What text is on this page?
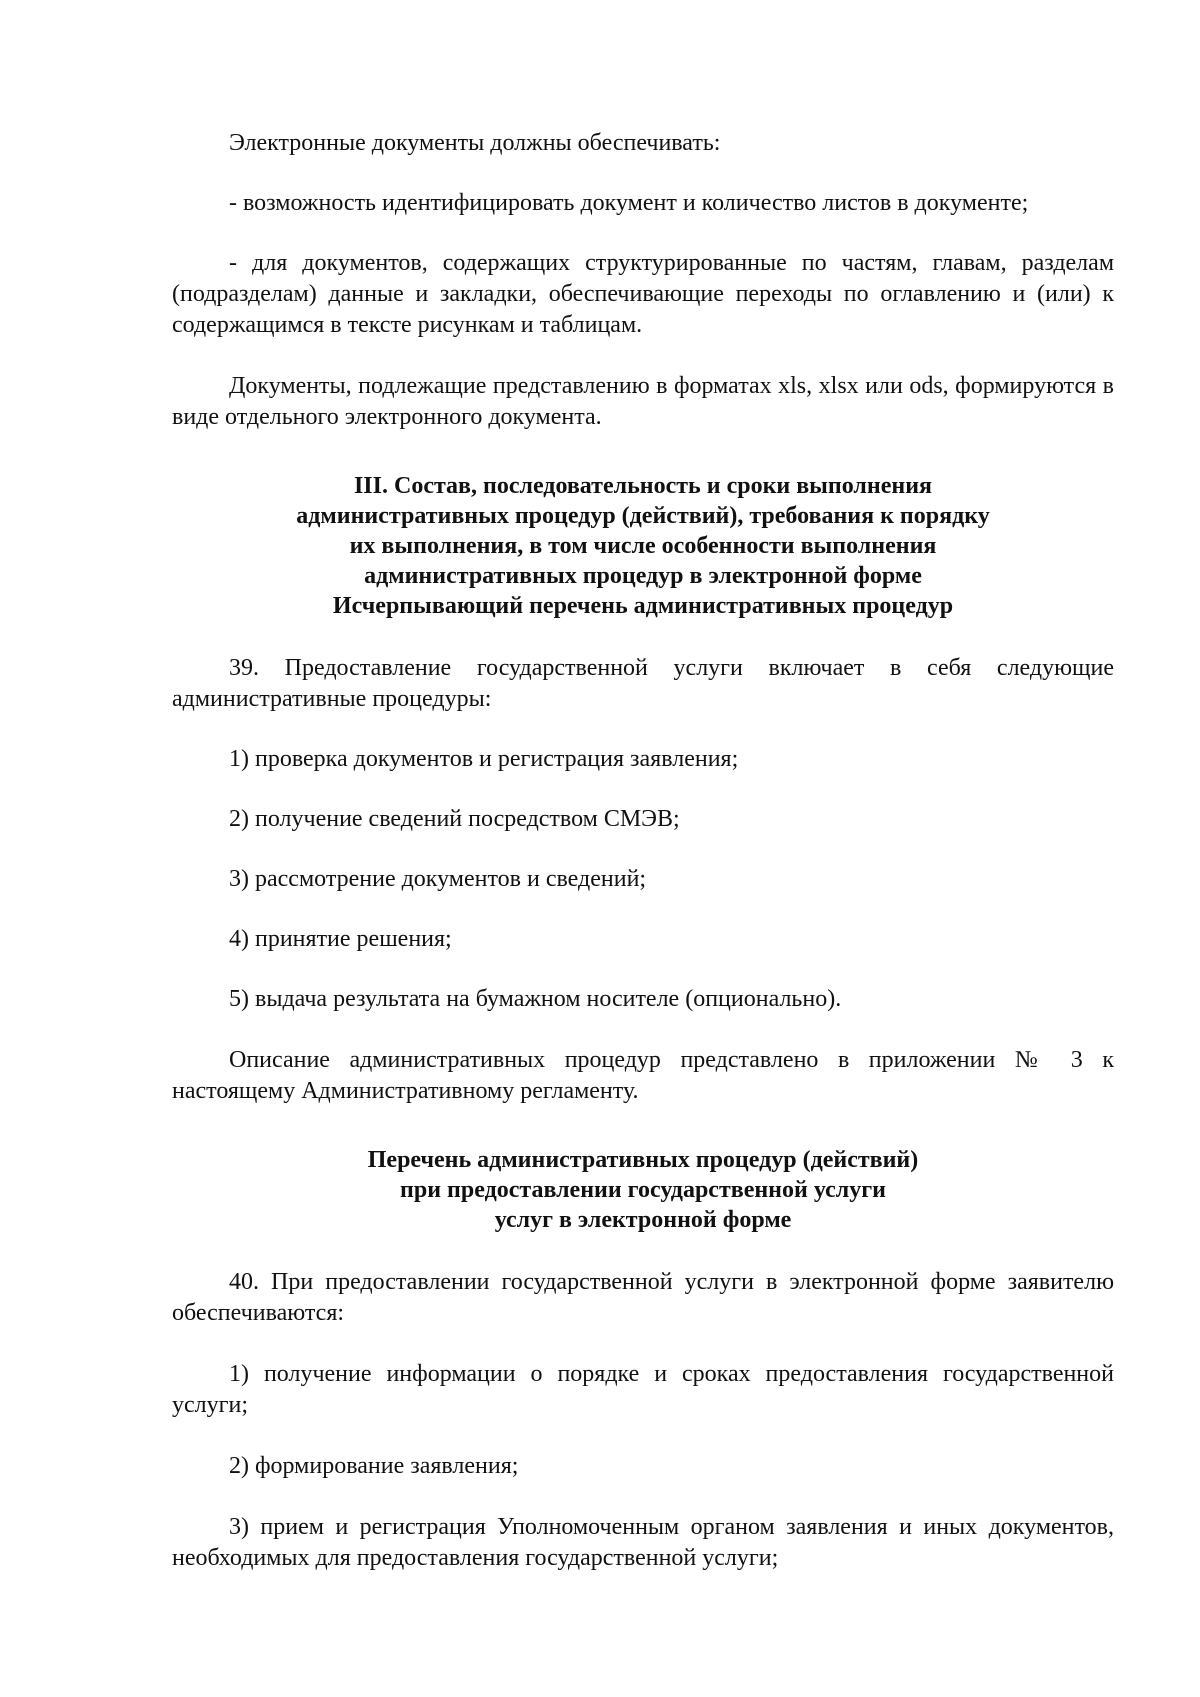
Электронные документы должны обеспечивать:

- возможность идентифицировать документ и количество листов в документе;

- для документов, содержащих структурированные по частям, главам, разделам (подразделам) данные и закладки, обеспечивающие переходы по оглавлению и (или) к содержащимся в тексте рисункам и таблицам.

Документы, подлежащие представлению в форматах xls, xlsx или ods, формируются в виде отдельного электронного документа.

III. Состав, последовательность и сроки выполнения
административных процедур (действий), требования к порядку
их выполнения, в том числе особенности выполнения
административных процедур в электронной форме
Исчерпывающий перечень административных процедур

39. Предоставление государственной услуги включает в себя следующие административные процедуры:

1) проверка документов и регистрация заявления;

2) получение сведений посредством СМЭВ;

3) рассмотрение документов и сведений;

4) принятие решения;

5) выдача результата на бумажном носителе (опционально).

Описание административных процедур представлено в приложении № 3 к настоящему Административному регламенту.

Перечень административных процедур (действий)
при предоставлении государственной услуги
услуг в электронной форме

40. При предоставлении государственной услуги в электронной форме заявителю обеспечиваются:

1) получение информации о порядке и сроках предоставления государственной услуги;

2) формирование заявления;

3) прием и регистрация Уполномоченным органом заявления и иных документов, необходимых для предоставления государственной услуги;
